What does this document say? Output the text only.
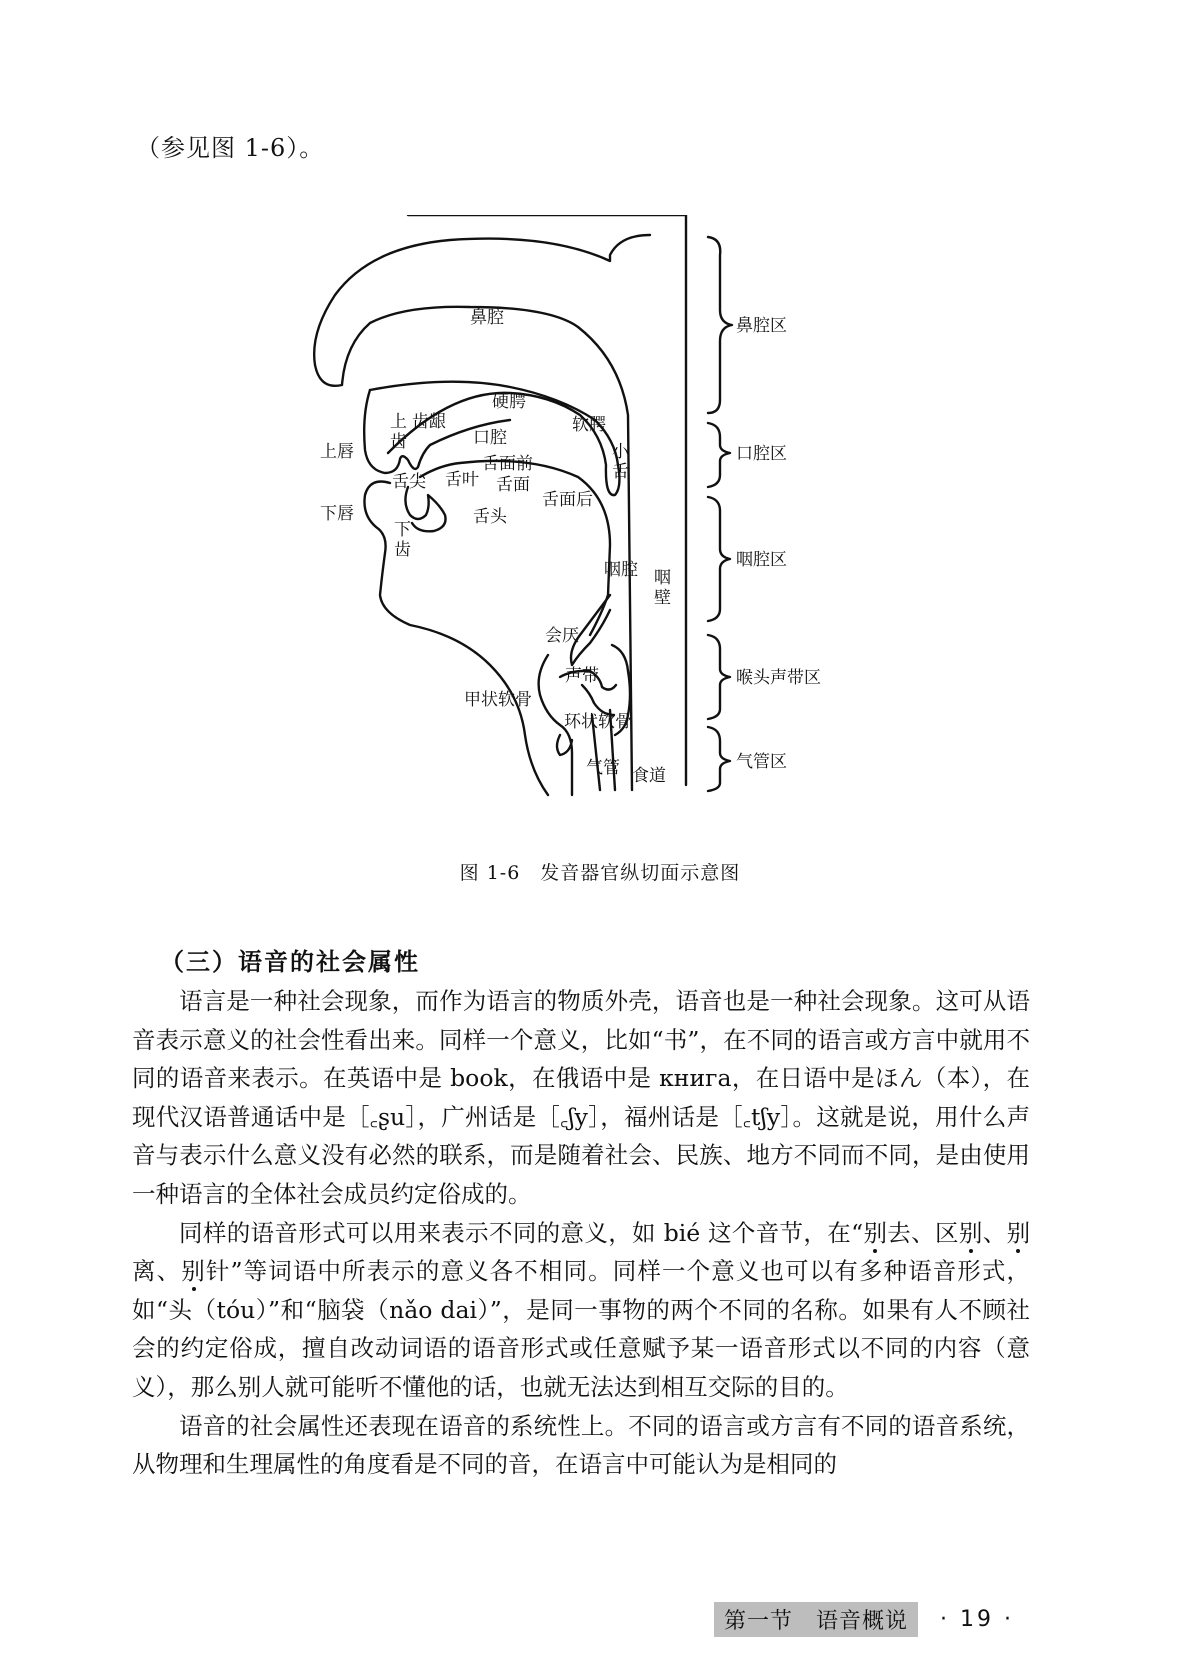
（参见图 1-6）。
鼻腔
硬腭
上
齿
齿龈
口腔
软腭
小
舌
上唇
舌尖 舌叶
舌面前
舌面
舌面后
下唇
下
齿
舌头
咽腔 咽
壁
会厌
声带
甲状软骨
环状软骨
气管 食道
鼻腔区
口腔区
咽腔区
喉头声带区
气管区
图 1-6　发音器官纵切面示意图
（三）语音的社会属性

语言是一种社会现象，而作为语言的物质外壳，语音也是一种社会现象。这可从语音表示意义的社会性看出来。同样一个意义，比如“书”，在不同的语言或方言中就用不同的语音来表示。在英语中是 book，在俄语中是 книга，在日语中是ほん（本），在现代汉语普通话中是［꜀ʂu］，广州话是［꜀ʃy］，福州话是［꜀tʃy］。这就是说，用什么声音与表示什么意义没有必然的联系，而是随着社会、民族、地方不同而不同，是由使用一种语言的全体社会成员约定俗成的。

同样的语音形式可以用来表示不同的意义，如 bié 这个音节，在“别去、区别、别离、别针”等词语中所表示的意义各不相同。同样一个意义也可以有多种语音形式，如“头（tóu）”和“脑袋（nǎo dai）”，是同一事物的两个不同的名称。如果有人不顾社会的约定俗成，擅自改动词语的语音形式或任意赋予某一语音形式以不同的内容（意义），那么别人就可能听不懂他的话，也就无法达到相互交际的目的。

语音的社会属性还表现在语音的系统性上。不同的语言或方言有不同的语音系统，从物理和生理属性的角度看是不同的音，在语言中可能认为是相同的

第一节　语音概说	· 19 ·
